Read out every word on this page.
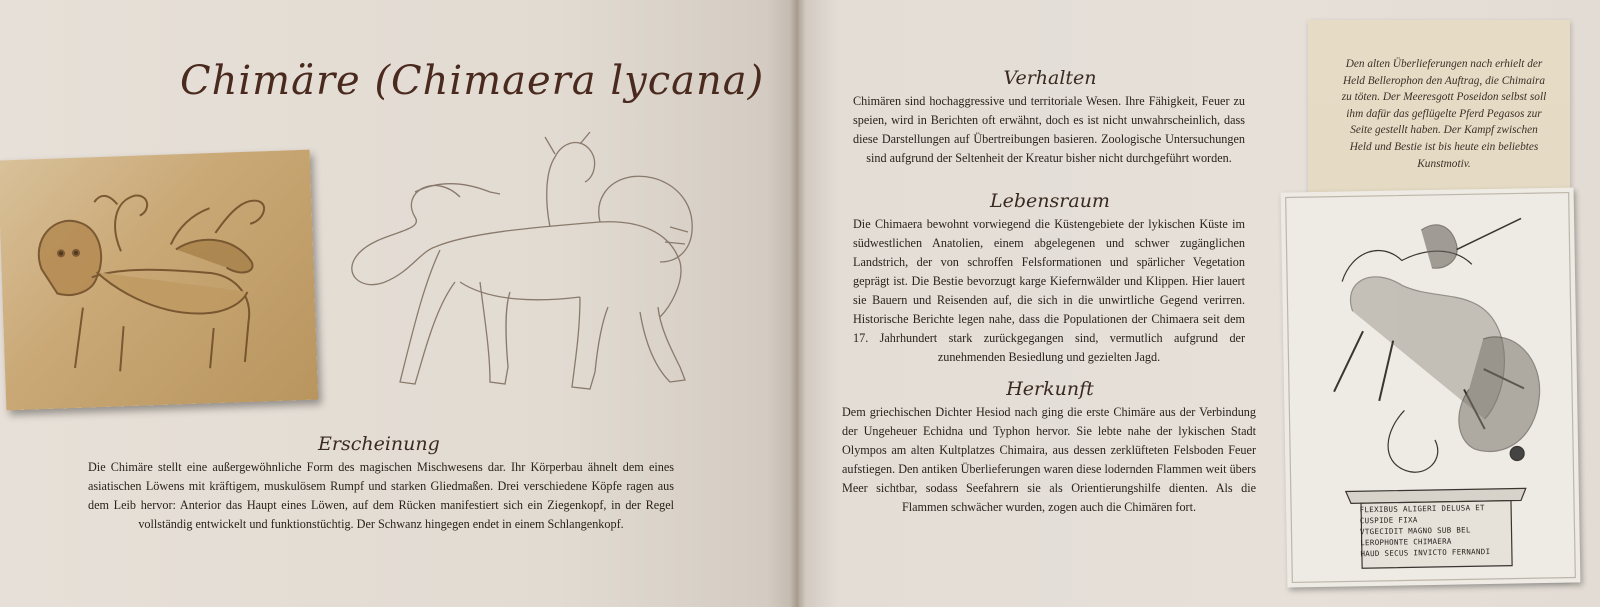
Chimäre (Chimaera lycana)
Erscheinung
Die Chimäre stellt eine außergewöhnliche Form des magischen Mischwesens dar. Ihr Körperbau ähnelt dem eines asiatischen Löwens mit kräftigem, muskulösem Rumpf und starken Gliedmaßen. Drei verschiedene Köpfe ragen aus dem Leib hervor: Anterior das Haupt eines Löwen, auf dem Rücken manifestiert sich ein Ziegenkopf, in der Regel vollständig entwickelt und funktionstüchtig. Der Schwanz hingegen endet in einem Schlangenkopf.
Verhalten
Chimären sind hochaggressive und territoriale Wesen. Ihre Fähigkeit, Feuer zu speien, wird in Berichten oft erwähnt, doch es ist nicht unwahrscheinlich, dass diese Darstellungen auf Übertreibungen basieren. Zoologische Untersuchungen sind aufgrund der Seltenheit der Kreatur bisher nicht durchgeführt worden.
Lebensraum
Die Chimaera bewohnt vorwiegend die Küstengebiete der lykischen Küste im südwestlichen Anatolien, einem abgelegenen und schwer zugänglichen Landstrich, der von schroffen Felsformationen und spärlicher Vegetation geprägt ist. Die Bestie bevorzugt karge Kiefernwälder und Klippen. Hier lauert sie Bauern und Reisenden auf, die sich in die unwirtliche Gegend verirren. Historische Berichte legen nahe, dass die Populationen der Chimaera seit dem 17. Jahrhundert stark zurückgegangen sind, vermutlich aufgrund der zunehmenden Besiedlung und gezielten Jagd.
Herkunft
Dem griechischen Dichter Hesiod nach ging die erste Chimäre aus der Verbindung der Ungeheuer Echidna und Typhon hervor. Sie lebte nahe der lykischen Stadt Olympos am alten Kultplatzes Chimaira, aus dessen zerklüfteten Felsboden Feuer aufstiegen. Den antiken Überlieferungen waren diese lodernden Flammen weit übers Meer sichtbar, sodass Seefahrern sie als Orientierungshilfe dienten. Als die Flammen schwächer wurden, zogen auch die Chimären fort.
Den alten Überlieferungen nach erhielt der Held Bellerophon den Auftrag, die Chimaira zu töten. Der Meeresgott Poseidon selbst soll ihm dafür das geflügelte Pferd Pegasos zur Seite gestellt haben. Der Kampf zwischen Held und Bestie ist bis heute ein beliebtes Kunstmotiv.
FLEXIBUS ALIGERI DELUSA ET
CUSPIDE FIXA
VTGECIDIT MAGNO SUB BEL
LEROPHONTE CHIMAERA
HAUD SECUS INVICTO FERNANDI
